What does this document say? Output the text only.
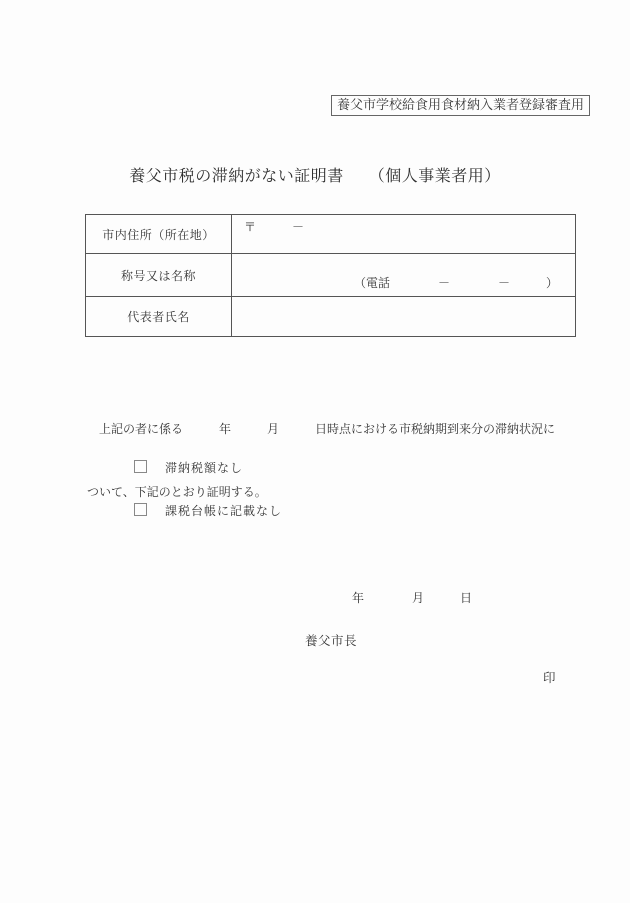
養父市学校給食用食材納入業者登録審査用
養父市税の滞納がない証明書　　（個人事業者用）
市内住所（所在地）	〒　　　－

称号又は名称	（電話　　　　－　　　　－　　　）

代表者氏名	

　上記の者に係る　　　年　　　月　　　日時点における市税納期到来分の滞納状況に

ついて、下記のとおり証明する。

滞納税額なし
課税台帳に記載なし
年　　　　月　　　日
養父市長
印
